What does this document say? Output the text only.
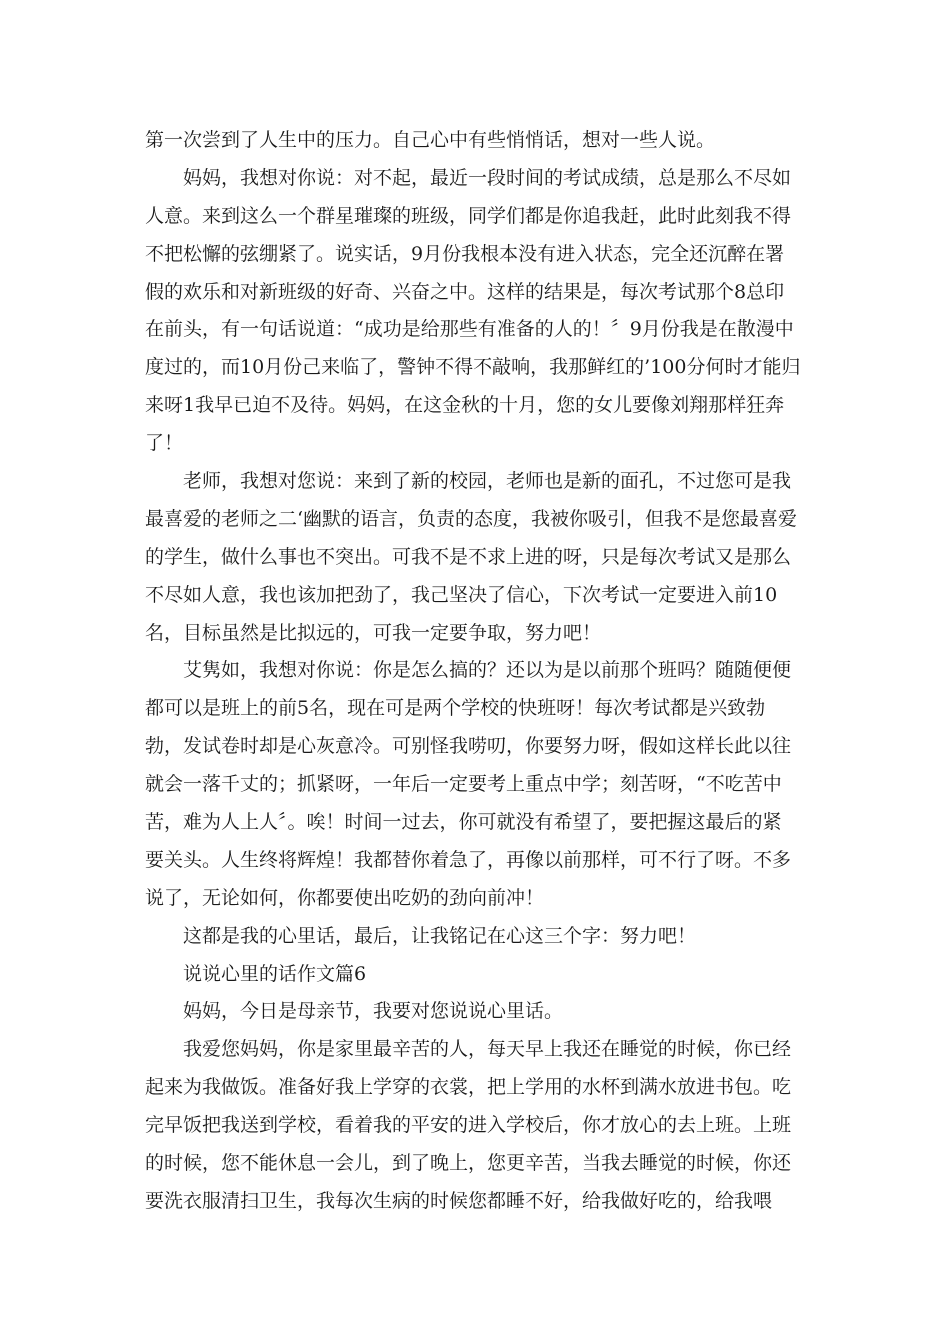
第一次尝到了人生中的压力。自己心中有些悄悄话，想对一些人说。
妈妈，我想对你说：对不起，最近一段时间的考试成绩，总是那么不尽如
人意。来到这么一个群星璀璨的班级，同学们都是你追我赶，此时此刻我不得
不把松懈的弦绷紧了。说实话，9月份我根本没有进入状态，完全还沉醉在署
假的欢乐和对新班级的好奇、兴奋之中。这样的结果是，每次考试那个8总印
在前头，有一句话说道：“成功是给那些有准备的人的！〞9月份我是在散漫中
度过的，而10月份己来临了，警钟不得不敲响，我那鲜红的’100分何时才能归
来呀1我早已迫不及待。妈妈，在这金秋的十月，您的女儿要像刘翔那样狂奔
了！
老师，我想对您说：来到了新的校园，老师也是新的面孔，不过您可是我
最喜爱的老师之二‘幽默的语言，负责的态度，我被你吸引，但我不是您最喜爱
的学生，做什么事也不突出。可我不是不求上进的呀，只是每次考试又是那么
不尽如人意，我也该加把劲了，我己坚决了信心，下次考试一定要进入前10
名，目标虽然是比拟远的，可我一定要争取，努力吧！
艾隽如，我想对你说：你是怎么搞的？还以为是以前那个班吗？随随便便
都可以是班上的前5名，现在可是两个学校的快班呀！每次考试都是兴致勃
勃，发试卷时却是心灰意冷。可别怪我唠叨，你要努力呀，假如这样长此以往
就会一落千丈的；抓紧呀，一年后一定要考上重点中学；刻苦呀，“不吃苦中
苦，难为人上人〞。唉！时间一过去，你可就没有希望了，要把握这最后的紧
要关头。人生终将辉煌！我都替你着急了，再像以前那样，可不行了呀。不多
说了，无论如何，你都要使出吃奶的劲向前冲！
这都是我的心里话，最后，让我铭记在心这三个字：努力吧！
说说心里的话作文篇6
妈妈，今日是母亲节，我要对您说说心里话。
我爱您妈妈，你是家里最辛苦的人，每天早上我还在睡觉的时候，你已经
起来为我做饭。准备好我上学穿的衣裳，把上学用的水杯到满水放进书包。吃
完早饭把我送到学校，看着我的平安的进入学校后，你才放心的去上班。上班
的时候，您不能休息一会儿，到了晚上，您更辛苦，当我去睡觉的时候，你还
要洗衣服清扫卫生，我每次生病的时候您都睡不好，给我做好吃的，给我喂
